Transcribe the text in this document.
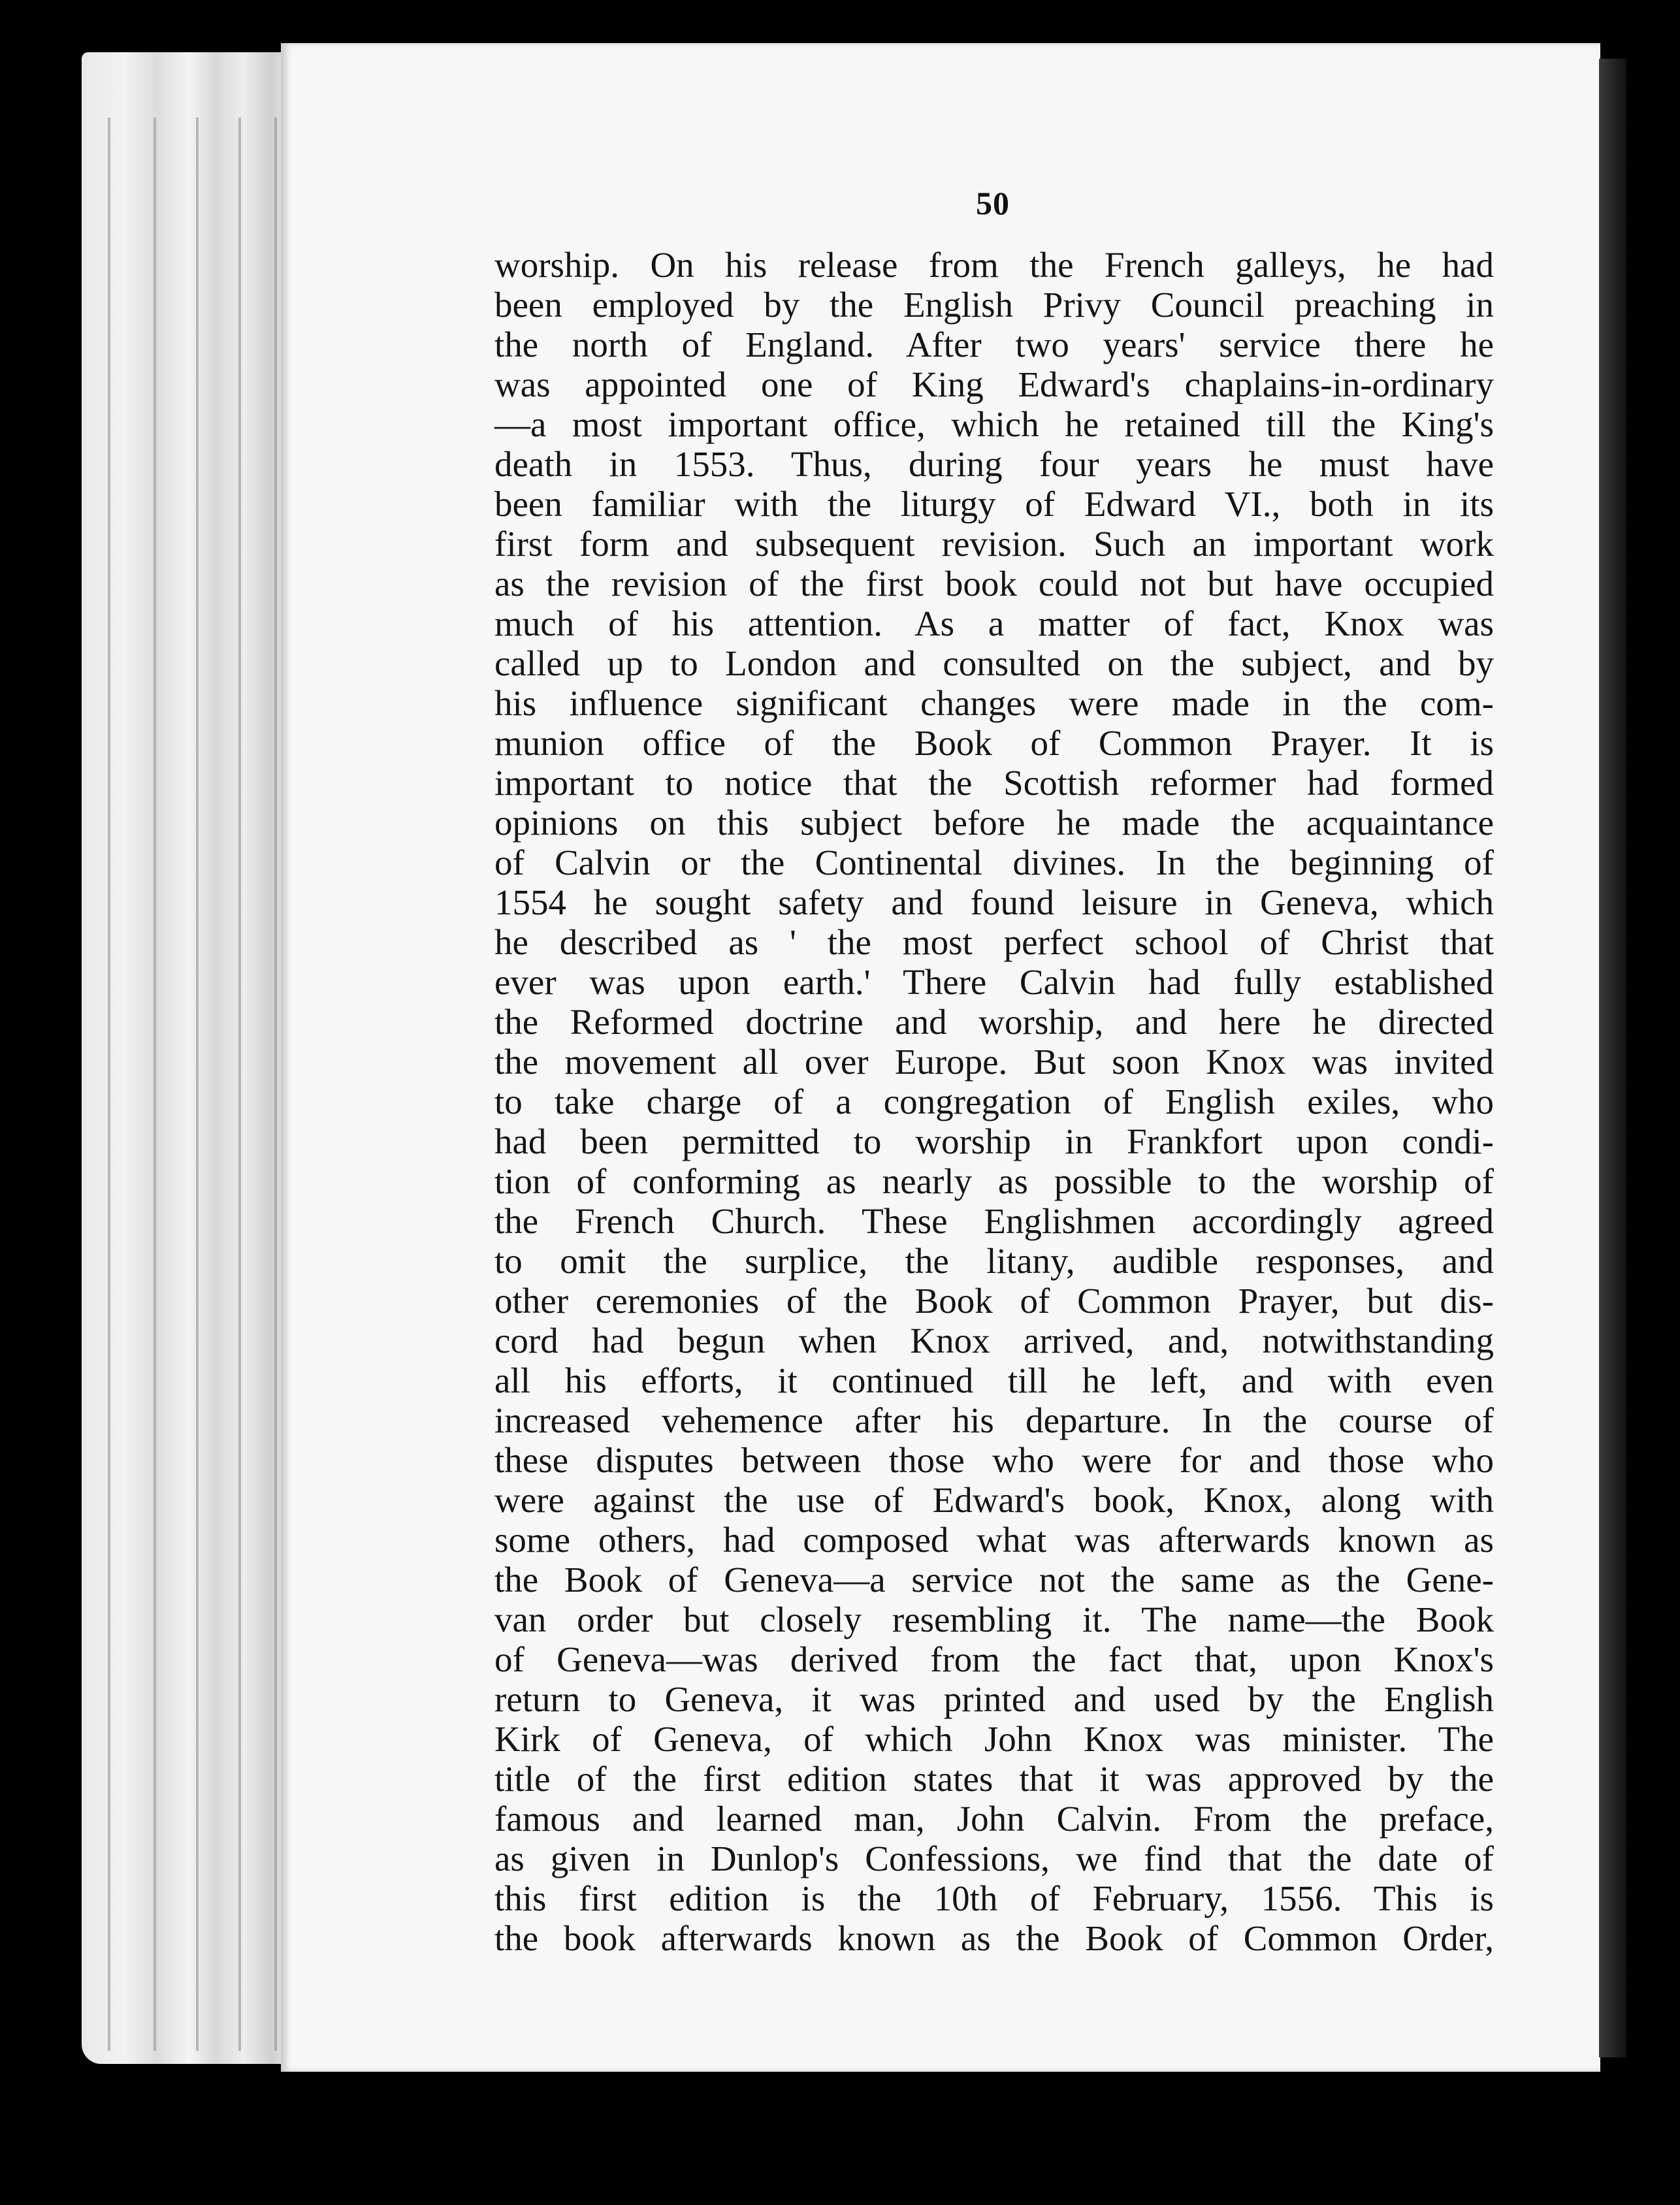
50
worship. On his release from the French galleys, he had
been employed by the English Privy Council preaching in
the north of England. After two years' service there he
was appointed one of King Edward's chaplains-in-ordinary
—a most important office, which he retained till the King's
death in 1553. Thus, during four years he must have
been familiar with the liturgy of Edward VI., both in its
first form and subsequent revision. Such an important work
as the revision of the first book could not but have occupied
much of his attention. As a matter of fact, Knox was
called up to London and consulted on the subject, and by
his influence significant changes were made in the com-
munion office of the Book of Common Prayer. It is
important to notice that the Scottish reformer had formed
opinions on this subject before he made the acquaintance
of Calvin or the Continental divines. In the beginning of
1554 he sought safety and found leisure in Geneva, which
he described as ' the most perfect school of Christ that
ever was upon earth.' There Calvin had fully established
the Reformed doctrine and worship, and here he directed
the movement all over Europe. But soon Knox was invited
to take charge of a congregation of English exiles, who
had been permitted to worship in Frankfort upon condi-
tion of conforming as nearly as possible to the worship of
the French Church. These Englishmen accordingly agreed
to omit the surplice, the litany, audible responses, and
other ceremonies of the Book of Common Prayer, but dis-
cord had begun when Knox arrived, and, notwithstanding
all his efforts, it continued till he left, and with even
increased vehemence after his departure. In the course of
these disputes between those who were for and those who
were against the use of Edward's book, Knox, along with
some others, had composed what was afterwards known as
the Book of Geneva—a service not the same as the Gene-
van order but closely resembling it. The name—the Book
of Geneva—was derived from the fact that, upon Knox's
return to Geneva, it was printed and used by the English
Kirk of Geneva, of which John Knox was minister. The
title of the first edition states that it was approved by the
famous and learned man, John Calvin. From the preface,
as given in Dunlop's Confessions, we find that the date of
this first edition is the 10th of February, 1556. This is
the book afterwards known as the Book of Common Order,
